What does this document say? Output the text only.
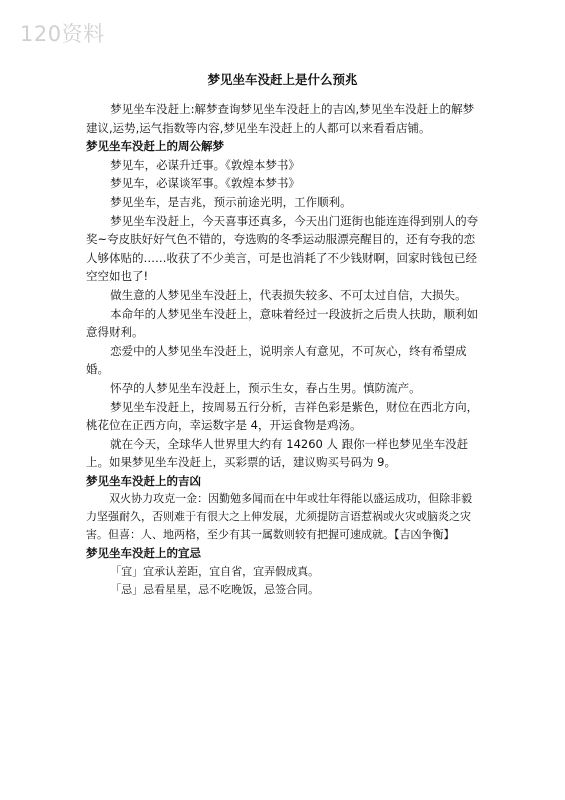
120资料
梦见坐车没赶上是什么预兆

梦见坐车没赶上:解梦查询梦见坐车没赶上的吉凶,梦见坐车没赶上的解梦建议,运势,运气指数等内容,梦见坐车没赶上的人都可以来看看店铺。

梦见坐车没赶上的周公解梦

梦见车，必谋升迁事。《敦煌本梦书》

梦见车，必谋谈军事。《敦煌本梦书》

梦见坐车，是吉兆，预示前途光明，工作顺利。

梦见坐车没赶上，今天喜事还真多，今天出门逛街也能连连得到别人的夸奖~夸皮肤好好气色不错的，夸选购的冬季运动服漂亮醒目的，还有夸我的恋人够体贴的……收获了不少美言，可是也消耗了不少钱财啊，回家时钱包已经空空如也了!

做生意的人梦见坐车没赶上，代表损失较多、不可太过自信，大损失。

本命年的人梦见坐车没赶上，意味着经过一段波折之后贵人扶助，顺利如意得财利。

恋爱中的人梦见坐车没赶上，说明亲人有意见，不可灰心，终有希望成婚。

怀孕的人梦见坐车没赶上，预示生女，春占生男。慎防流产。

梦见坐车没赶上，按周易五行分析，吉祥色彩是紫色，财位在西北方向，桃花位在正西方向，幸运数字是 4，开运食物是鸡汤。

就在今天，全球华人世界里大约有 14260 人 跟你一样也梦见坐车没赶上。如果梦见坐车没赶上，买彩票的话，建议购买号码为 9。

梦见坐车没赶上的吉凶

双火协力攻克一金：因勤勉多闻而在中年或壮年得能以盛运成功，但除非毅力坚强耐久，否则难于有很大之上伸发展，尤须提防言语惹祸或火灾或脑炎之灾害。但喜：人、地两格，至少有其一属数则较有把握可速成就。【吉凶争衡】

梦见坐车没赶上的宜忌

「宜」宜承认差距，宜自省，宜弄假成真。

「忌」忌看星星，忌不吃晚饭，忌签合同。
